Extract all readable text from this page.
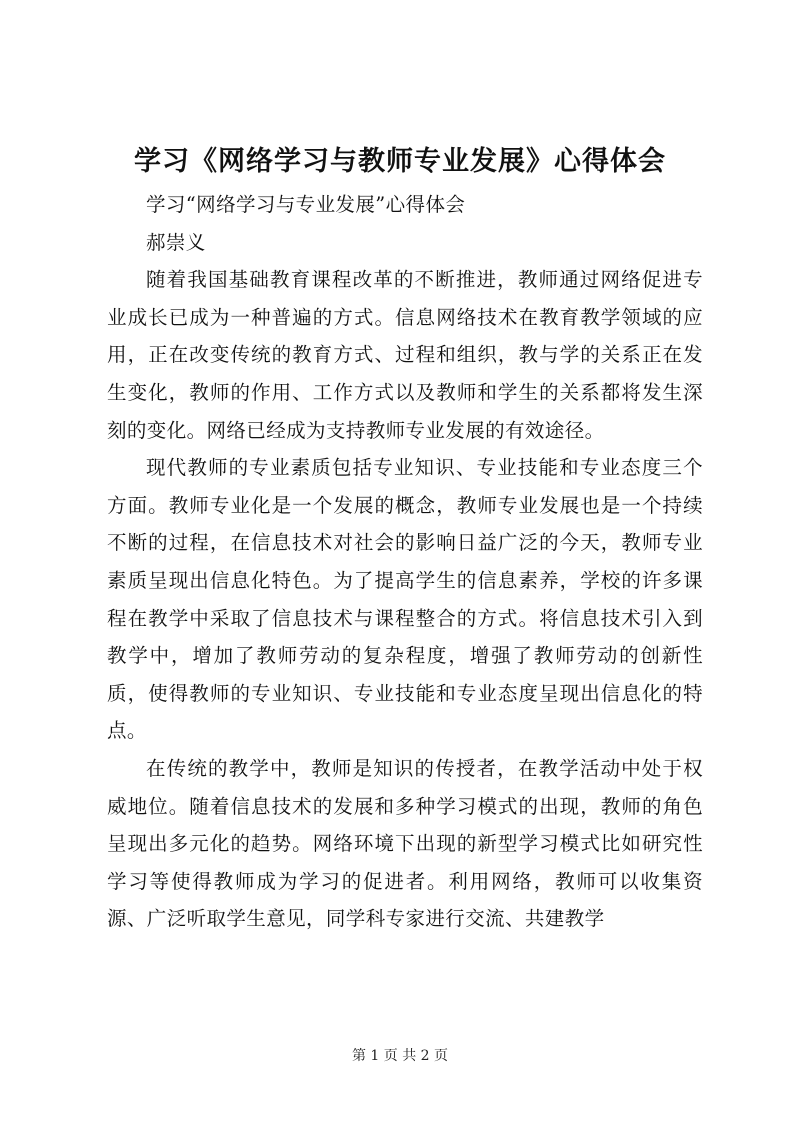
学习《网络学习与教师专业发展》心得体会

学习“网络学习与专业发展”心得体会

郝崇义

随着我国基础教育课程改革的不断推进，教师通过网络促进专业成长已成为一种普遍的方式。信息网络技术在教育教学领域的应用，正在改变传统的教育方式、过程和组织，教与学的关系正在发生变化，教师的作用、工作方式以及教师和学生的关系都将发生深刻的变化。网络已经成为支持教师专业发展的有效途径。

现代教师的专业素质包括专业知识、专业技能和专业态度三个方面。教师专业化是一个发展的概念，教师专业发展也是一个持续不断的过程，在信息技术对社会的影响日益广泛的今天，教师专业素质呈现出信息化特色。为了提高学生的信息素养，学校的许多课程在教学中采取了信息技术与课程整合的方式。将信息技术引入到教学中，增加了教师劳动的复杂程度，增强了教师劳动的创新性质，使得教师的专业知识、专业技能和专业态度呈现出信息化的特点。

在传统的教学中，教师是知识的传授者，在教学活动中处于权威地位。随着信息技术的发展和多种学习模式的出现，教师的角色呈现出多元化的趋势。网络环境下出现的新型学习模式比如研究性学习等使得教师成为学习的促进者。利用网络，教师可以收集资源、广泛听取学生意见，同学科专家进行交流、共建教学

第 1 页 共 2 页
